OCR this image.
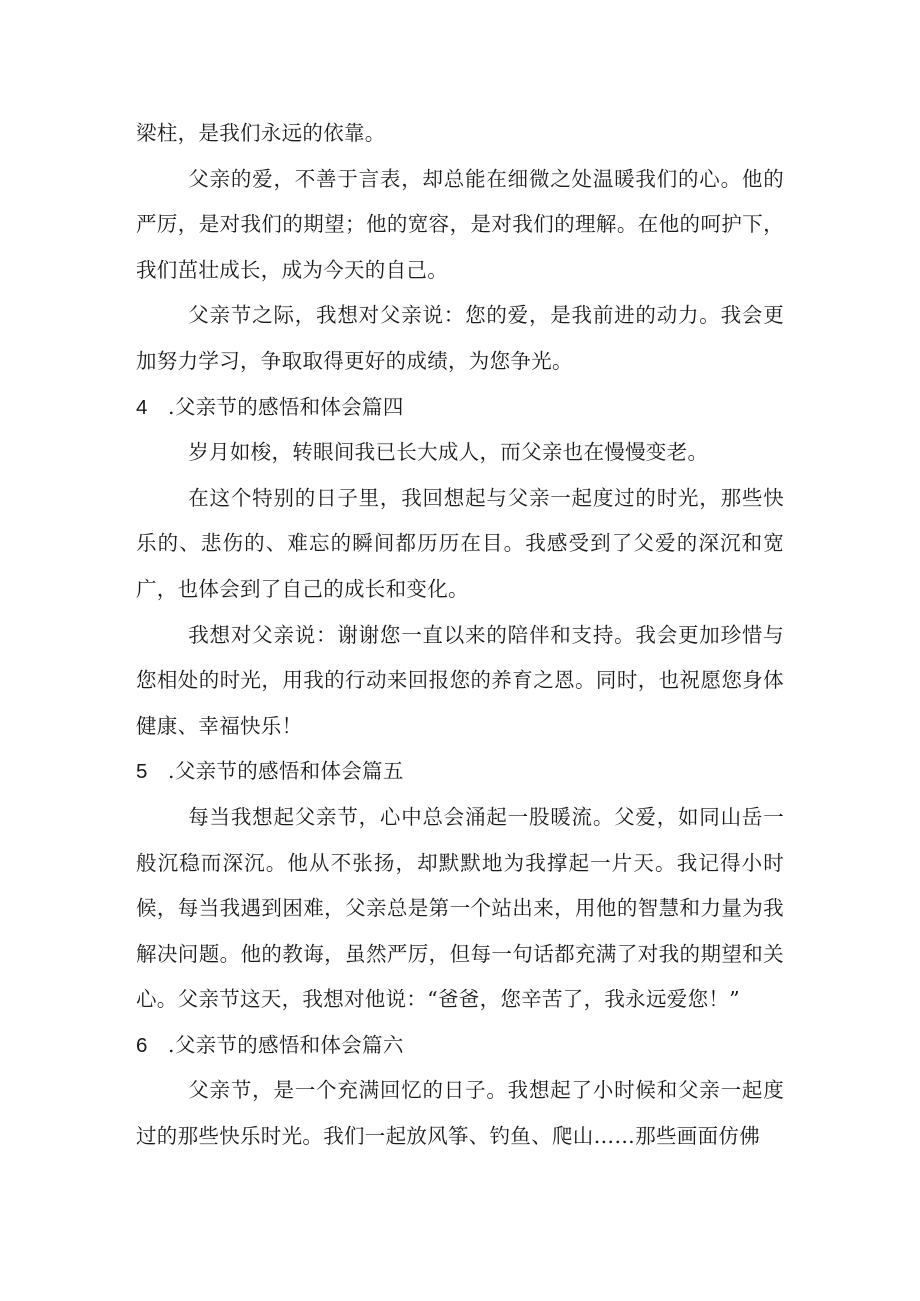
梁柱，是我们永远的依靠。

父亲的爱，不善于言表，却总能在细微之处温暖我们的心。他的严厉，是对我们的期望；他的宽容，是对我们的理解。在他的呵护下，我们茁壮成长，成为今天的自己。

父亲节之际，我想对父亲说：您的爱，是我前进的动力。我会更加努力学习，争取取得更好的成绩，为您争光。

4 .父亲节的感悟和体会篇四

岁月如梭，转眼间我已长大成人，而父亲也在慢慢变老。

在这个特别的日子里，我回想起与父亲一起度过的时光，那些快乐的、悲伤的、难忘的瞬间都历历在目。我感受到了父爱的深沉和宽广，也体会到了自己的成长和变化。

我想对父亲说：谢谢您一直以来的陪伴和支持。我会更加珍惜与您相处的时光，用我的行动来回报您的养育之恩。同时，也祝愿您身体健康、幸福快乐！

5 .父亲节的感悟和体会篇五

每当我想起父亲节，心中总会涌起一股暖流。父爱，如同山岳一般沉稳而深沉。他从不张扬，却默默地为我撑起一片天。我记得小时候，每当我遇到困难，父亲总是第一个站出来，用他的智慧和力量为我解决问题。他的教诲，虽然严厉，但每一句话都充满了对我的期望和关心。父亲节这天，我想对他说：“爸爸，您辛苦了，我永远爱您！”

6 .父亲节的感悟和体会篇六

父亲节，是一个充满回忆的日子。我想起了小时候和父亲一起度过的那些快乐时光。我们一起放风筝、钓鱼、爬山……那些画面仿佛
